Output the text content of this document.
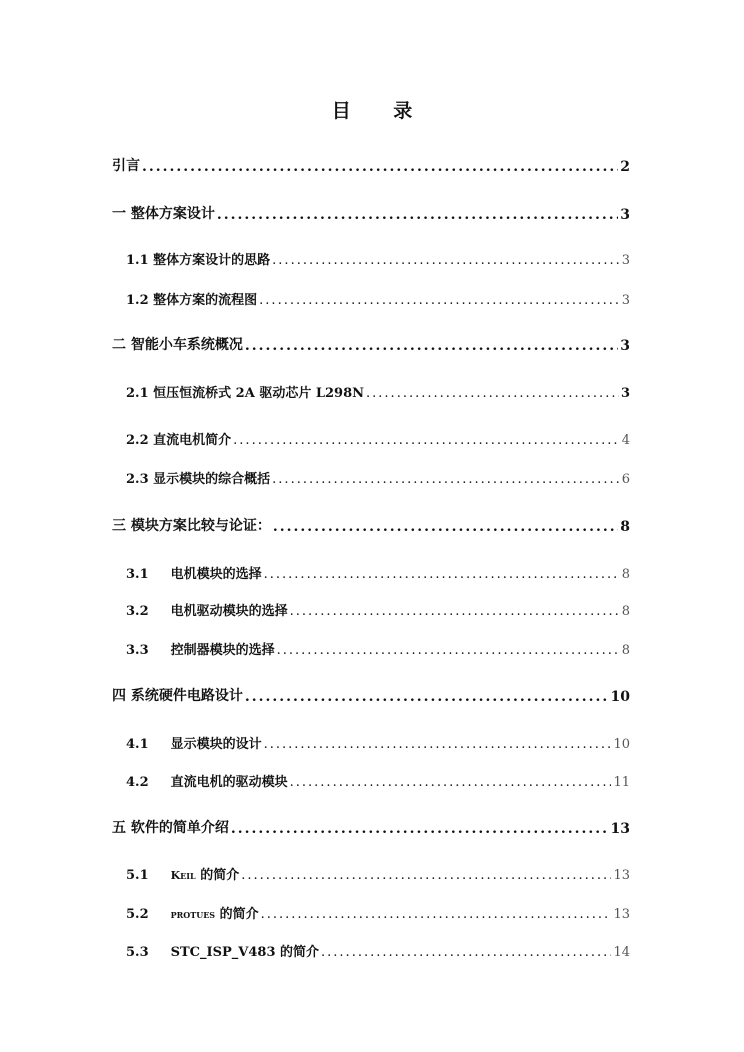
目 录
引言 .....	2
一 整体方案设计 .....	3
1.1 整体方案设计的思路 .....	3
1.2 整体方案的流程图 .....	3
二 智能小车系统概况 .....	3
2.1 恒压恒流桥式 2A 驱动芯片 L298N .....	3
2.2 直流电机简介 .....	4
2.3 显示模块的综合概括 .....	6
三 模块方案比较与论证： .....	8
3.1 电机模块的选择 .....	8
3.2 电机驱动模块的选择 .....	8
3.3 控制器模块的选择 .....	8
四 系统硬件电路设计 .....	10
4.1 显示模块的设计 .....	10
4.2 直流电机的驱动模块 .....	11
五 软件的简单介绍 .....	13
5.1 Keil 的简介 .....	13
5.2 protues 的简介 .....	13
5.3 STC_ISP_V483 的简介 .....	14
